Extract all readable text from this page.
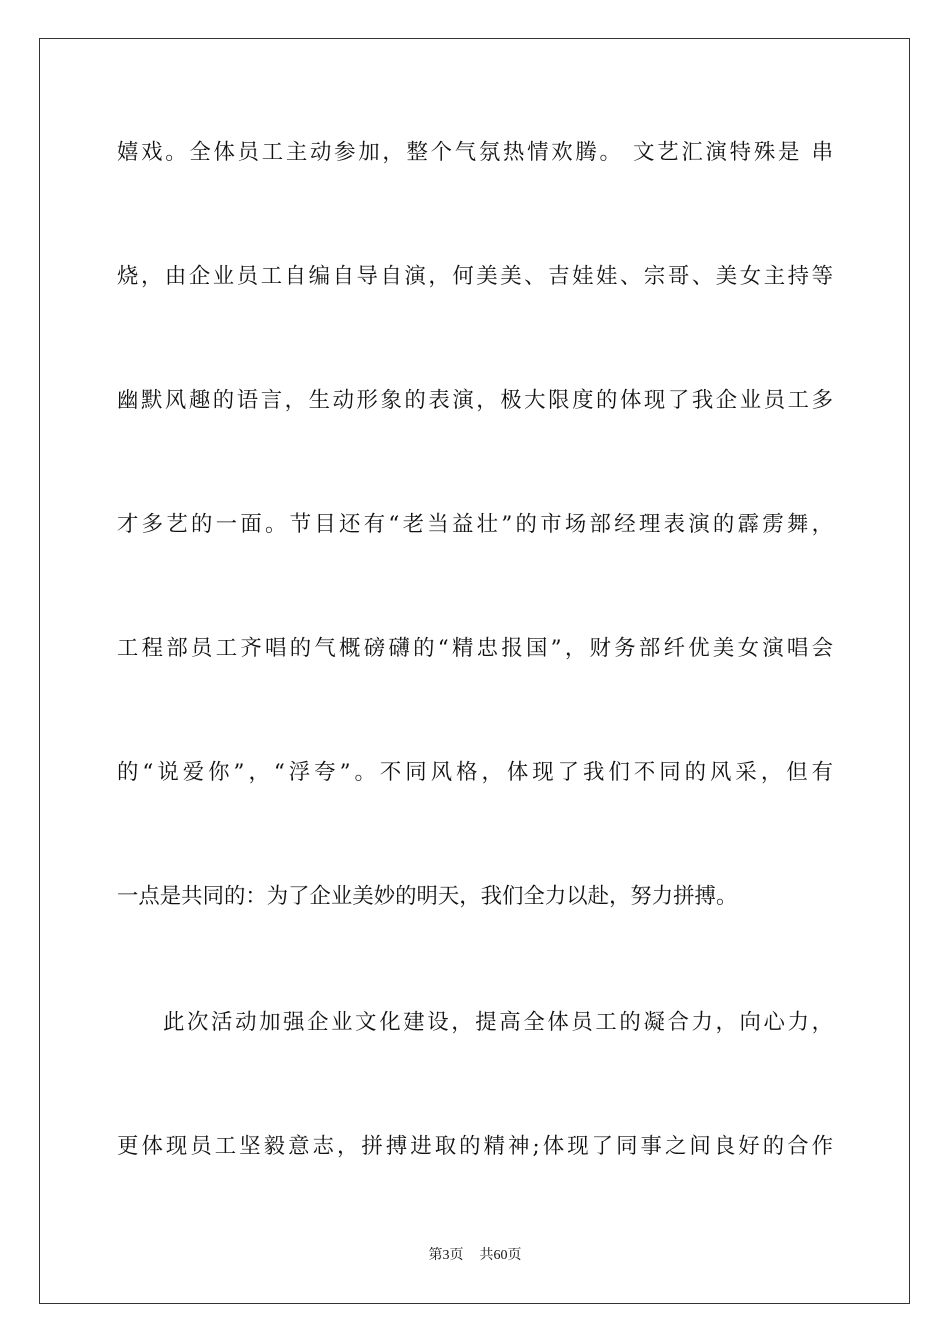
嬉戏。全体员工主动参加，整个气氛热情欢腾。 文艺汇演特殊是 串
烧，由企业员工自编自导自演，何美美、吉娃娃、宗哥、美女主持等
幽默风趣的语言，生动形象的表演，极大限度的体现了我企业员工多
才多艺的一面。节目还有“老当益壮”的市场部经理表演的霹雳舞，
工程部员工齐唱的气概磅礴的“精忠报国”，财务部纤优美女演唱会
的“说爱你”，“浮夸”。不同风格，体现了我们不同的风采，但有
一点是共同的：为了企业美妙的明天，我们全力以赴，努力拼搏。
此次活动加强企业文化建设，提高全体员工的凝合力，向心力，
更体现员工坚毅意志，拼搏进取的精神;体现了同事之间良好的合作
第3页 共60页
